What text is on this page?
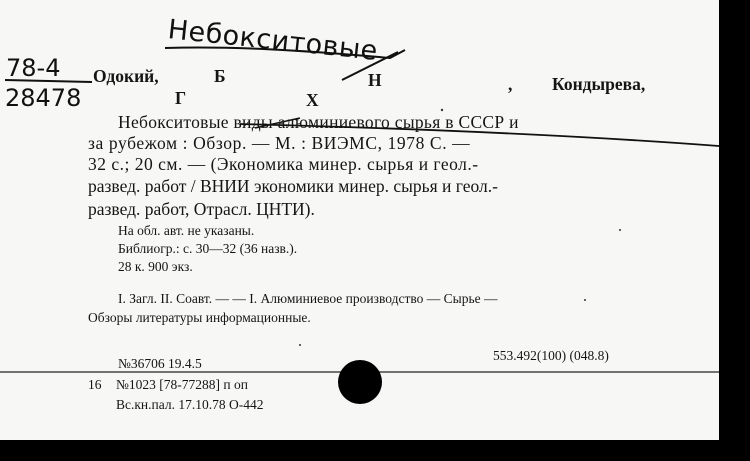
Небокситовые
78-4
28478
Одокий,	Б
Г
Н
Х
, Кондырева,
Небокситовые виды алюминиевого сырья в СССР и
за рубежом : Обзор. — М. : ВИЭМС, 1978 С. —
32 с.; 20 см. — (Экономика минер. сырья и геол.-
развед. работ / ВНИИ экономики минер. сырья и геол.-
развед. работ, Отрасл. ЦНТИ).
На обл. авт. не указаны.
Библиогр.: с. 30—32 (36 назв.).
28 к. 900 экз.
I. Загл. II. Соавт. — — I. Алюминиевое производство — Сырье —
Обзоры литературы информационные.
№36706 19.4.5
553.492(100) (048.8)
16 №1023 [78-77288] п оп
Вс.кн.пал. 17.10.78 О-442
